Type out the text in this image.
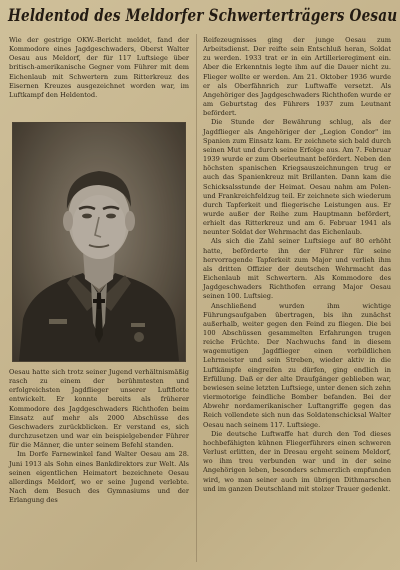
Heldentod des Meldorfer Schwerterträgers Oesau

Wie der gestrige OKW.-Bericht meldet, fand der Kommodore eines Jagdgeschwaders, Oberst Walter Oesau aus Meldorf, der für 117 Luftsiege über britisch-amerikanische Gegner vom Führer mit dem Eichenlaub mit Schwertern zum Ritterkreuz des Eisernen Kreuzes ausgezeichnet worden war, im Luftkampf den Heldentod.

Oesau hatte sich trotz seiner Jugend verhältnismäßig rasch zu einem der berühmtesten und erfolgreichsten Jagdflieger unserer Luftflotte entwickelt. Er konnte bereits als früherer Kommodore des Jagdgeschwaders Richthofen beim Einsatz auf mehr als 2000 Abschüsse des Geschwaders zurückblicken. Er verstand es, sich durchzusetzen und war ein beispielgebender Führer für die Männer, die unter seinem Befehl standen.

Im Dorfe Farnewinkel fand Walter Oesau am 28. Juni 1913 als Sohn eines Bankdirektors zur Welt. Als seinen eigentlichen Heimatort bezeichnete Oesau allerdings Meldorf, wo er seine Jugend verlebte. Nach dem Besuch des Gymnasiums und der Erlangung des

Reifezeugnisses ging der junge Oesau zum Arbeitsdienst. Der reifte sein Entschluß heran, Soldat zu werden. 1933 trat er in ein Artillerieregiment ein. Aber die Erkenntnis legte ihm auf die Dauer nicht zu. Flieger wollte er werden. Am 21. Oktober 1936 wurde er als Oberfähnrich zur Luftwaffe versetzt. Als Angehöriger des Jagdgeschwaders Richthofen wurde er am Geburtstag des Führers 1937 zum Leutnant befördert.

Die Stunde der Bewährung schlug, als der Jagdflieger als Angehöriger der „Legion Condor" im Spanien zum Einsatz kam. Er zeichnete sich bald durch seinen Mut und durch seine Erfolge aus. Am 7. Februar 1939 wurde er zum Oberleutnant befördert. Neben den höchsten spanischen Kriegsauszeichnungen trug er auch das Spanienkreuz mit Brillanten. Dann kam die Schicksalsstunde der Heimat. Oesau nahm am Polen- und Frankreichfeldzug teil. Er zeichnete sich wiederum durch Tapferkeit und fliegerische Leistungen aus. Er wurde außer der Reihe zum Hauptmann befördert, erhielt das Ritterkreuz und am 6. Februar 1941 als neunter Soldat der Wehrmacht das Eichenlaub.

Als sich die Zahl seiner Luftsiege auf 80 erhöht hatte, beförderte ihn der Führer für seine hervorragende Tapferkeit zum Major und verlieh ihm als dritten Offizier der deutschen Wehrmacht das Eichenlaub mit Schwertern. Als Kommodore des Jagdgeschwaders Richthofen errang Major Oesau seinen 100. Luftsieg.

Anschließend wurden ihm wichtige Führungsaufgaben übertragen, bis ihn zunächst außerhalb, weiter gegen den Feind zu fliegen. Die bei 100 Abschüssen gesammelten Erfahrungen trugen reiche Früchte. Der Nachwuchs fand in diesem wagemutigen Jagdflieger einen vorbildlichen Lehrmeister und sein Streben, wieder aktiv in die Luftkämpfe eingreifen zu dürfen, ging endlich in Erfüllung. Daß er der alte Draufgänger geblieben war, bewiesen seine letzten Luftsiege, unter denen sich zehn viermotorige feindliche Bomber befanden. Bei der Abwehr nordamerikanischer Luftangriffe gegen das Reich vollendete sich nun das Soldatenschicksal Walter Oesau nach seinem 117. Luftsiege.

Die deutsche Luftwaffe hat durch den Tod dieses hochbefähigten kühnen Fliegerführers einen schweren Verlust erlitten, der in Dresau ergeht seinem Meldorf, wo ihm treu verbunden war und in der seine Angehörigen leben, besonders schmerzlich empfunden wird, wo man seiner auch im übrigen Dithmarschen und im ganzen Deutschland mit stolzer Trauer gedenkt.
